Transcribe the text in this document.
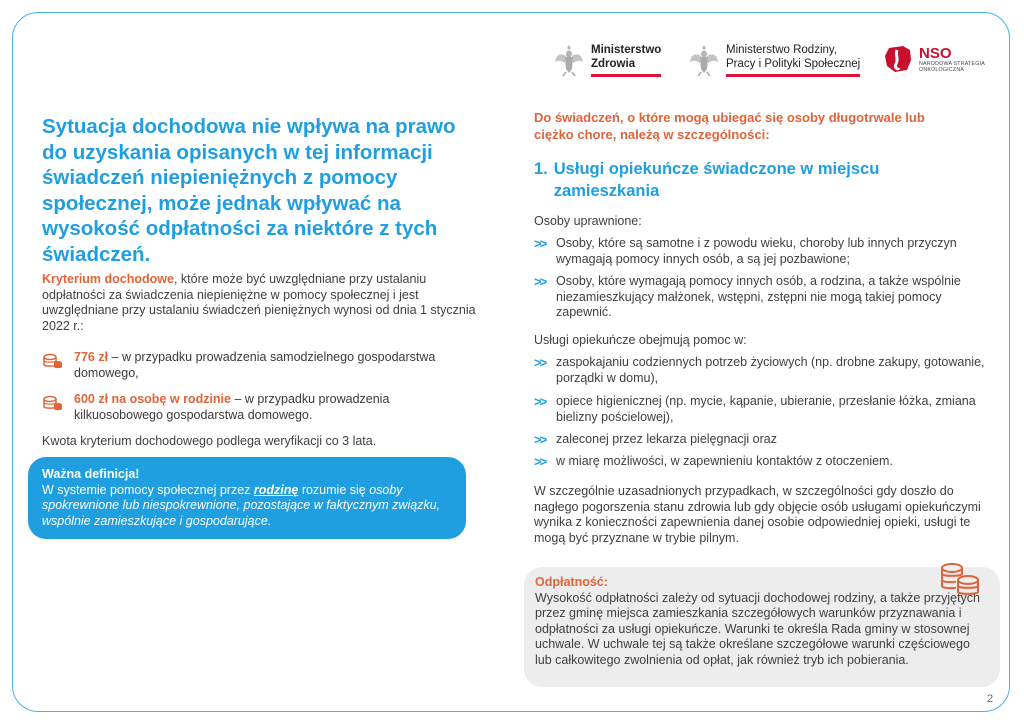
Ministerstwo
Zdrowia
Ministerstwo Rodziny,
Pracy i Polityki Społecznej
NSO
NARODOWA STRATEGIA
ONKOLOGICZNA
Sytuacja dochodowa nie wpływa na prawo do uzyskania opisanych w tej informacji świadczeń niepieniężnych z pomocy społecznej, może jednak wpływać na wysokość odpłatności za niektóre z tych świadczeń.

Kryterium dochodowe, które może być uwzględniane przy ustalaniu odpłatności za świadczenia niepieniężne w pomocy społecznej i jest uwzględniane przy ustalaniu świadczeń pieniężnych wynosi od dnia 1 stycznia 2022 r.:

776 zł – w przypadku prowadzenia samodzielnego gospodarstwa domowego,
600 zł na osobę w rodzinie – w przypadku prowadzenia kilkuosobowego gospodarstwa domowego.

Kwota kryterium dochodowego podlega weryfikacji co 3 lata.

Ważna definicja!
W systemie pomocy społecznej przez rodzinę rozumie się osoby spokrewnione lub niespokrewnione, pozostające w faktycznym związku, wspólnie zamieszkujące i gospodarujące.

Do świadczeń, o które mogą ubiegać się osoby długotrwale lub ciężko chore, należą w szczególności:

1. Usługi opiekuńcze świadczone w miejscu zamieszkania

Osoby uprawnione:

>> Osoby, które są samotne i z powodu wieku, choroby lub innych przyczyn wymagają pomocy innych osób, a są jej pozbawione;
>> Osoby, które wymagają pomocy innych osób, a rodzina, a także wspólnie niezamieszkujący małżonek, wstępni, zstępni nie mogą takiej pomocy zapewnić.

Usługi opiekuńcze obejmują pomoc w:

>> zaspokajaniu codziennych potrzeb życiowych (np. drobne zakupy, gotowanie, porządki w domu),
>> opiece higienicznej (np. mycie, kąpanie, ubieranie, przesłanie łóżka, zmiana bielizny pościelowej),
>> zaleconej przez lekarza pielęgnacji oraz
>> w miarę możliwości, w zapewnieniu kontaktów z otoczeniem.

W szczególnie uzasadnionych przypadkach, w szczególności gdy doszło do nagłego pogorszenia stanu zdrowia lub gdy objęcie osób usługami opiekuńczymi wynika z konieczności zapewnienia danej osobie odpowiedniej opieki, usługi te mogą być przyznane w trybie pilnym.

Odpłatność:
Wysokość odpłatności zależy od sytuacji dochodowej rodziny, a także przyjętych przez gminę miejsca zamieszkania szczegółowych warunków przyznawania i odpłatności za usługi opiekuńcze. Warunki te określa Rada gminy w stosownej uchwale. W uchwale tej są także określane szczegółowe warunki częściowego lub całkowitego zwolnienia od opłat, jak również tryb ich pobierania.
2
